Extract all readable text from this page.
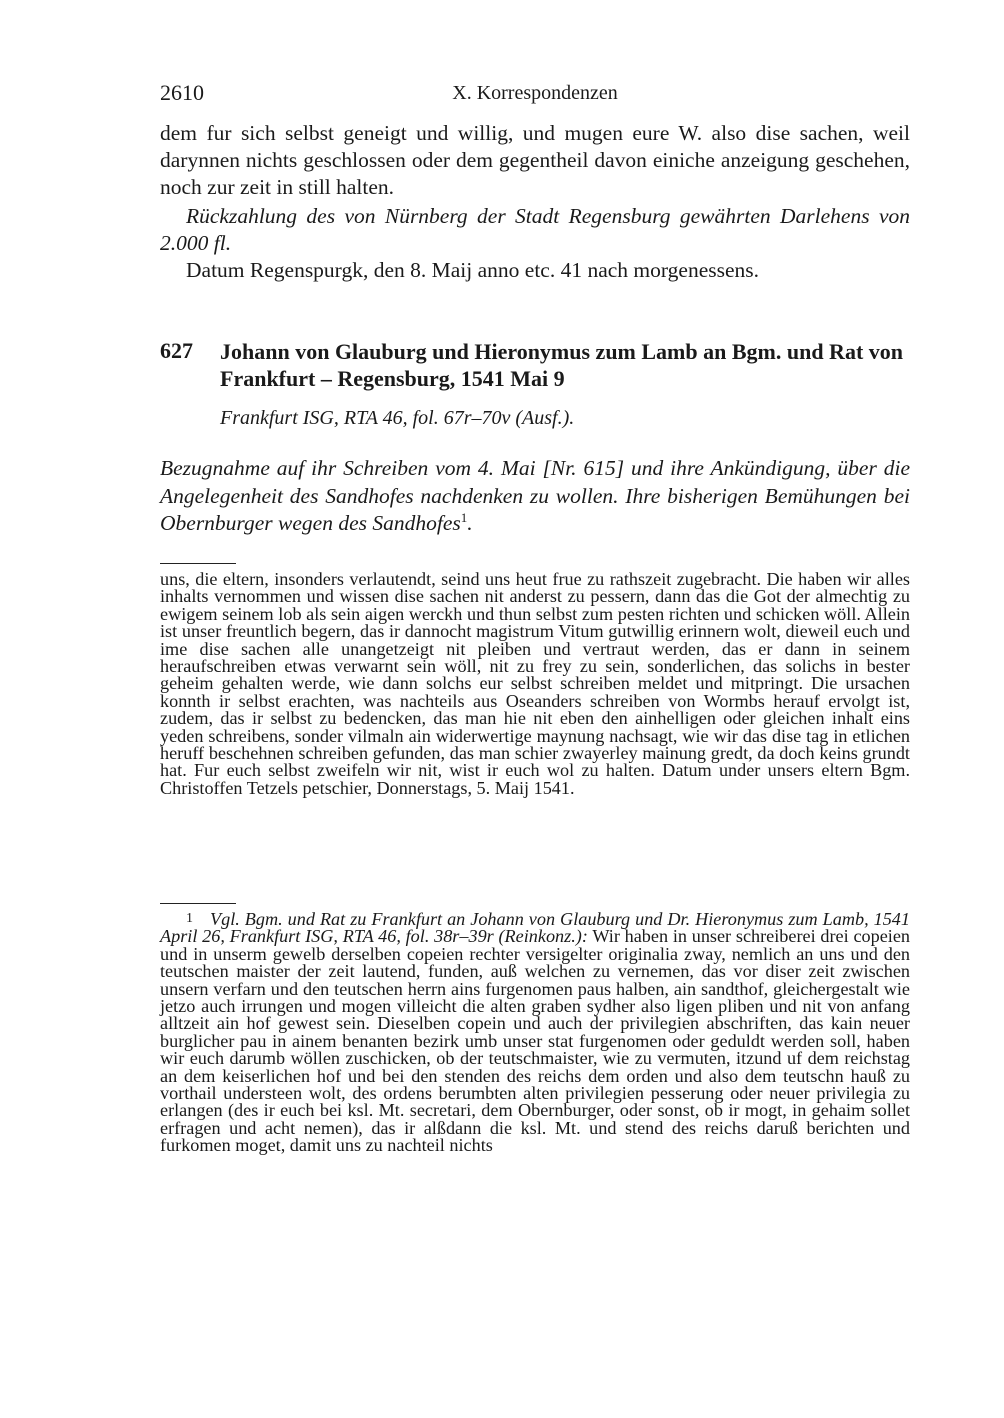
2610	X. Korrespondenzen
dem fur sich selbst geneigt und willig, und mugen eure W. also dise sachen, weil darynnen nichts geschlossen oder dem gegentheil davon einiche anzeigung geschehen, noch zur zeit in still halten.
Rückzahlung des von Nürnberg der Stadt Regensburg gewährten Darlehens von 2.000 fl.
Datum Regenspurgk, den 8. Maij anno etc. 41 nach morgenessens.
627 Johann von Glauburg und Hieronymus zum Lamb an Bgm. und Rat von Frankfurt – Regensburg, 1541 Mai 9
Frankfurt ISG, RTA 46, fol. 67r–70v (Ausf.).
Bezugnahme auf ihr Schreiben vom 4. Mai [Nr. 615] und ihre Ankündigung, über die Angelegenheit des Sandhofes nachdenken zu wollen. Ihre bisherigen Bemühungen bei Obernburger wegen des Sandhofes$^1$.
uns, die eltern, insonders verlautendt, seind uns heut frue zu rathszeit zugebracht. Die haben wir alles inhalts vernommen und wissen dise sachen nit anderst zu pessern, dann das die Got der almechtig zu ewigem seinem lob als sein aigen werckh und thun selbst zum pesten richten und schicken wöll. Allein ist unser freuntlich begern, das ir dannocht magistrum Vitum gutwillig erinnern wolt, dieweil euch und ime dise sachen alle unangetzeigt nit pleiben und vertraut werden, das er dann in seinem heraufschreiben etwas verwarnt sein wöll, nit zu frey zu sein, sonderlichen, das solichs in bester geheim gehalten werde, wie dann solchs eur selbst schreiben meldet und mitpringt. Die ursachen konnth ir selbst erachten, was nachteils aus Oseanders schreiben von Wormbs herauf ervolgt ist, zudem, das ir selbst zu bedencken, das man hie nit eben den ainhelligen oder gleichen inhalt eins yeden schreibens, sonder vilmaln ain widerwertige maynung nachsagt, wie wir das dise tag in etlichen heruff beschehnen schreiben gefunden, das man schier zwayerley mainung gredt, da doch keins grundt hat. Fur euch selbst zweifeln wir nit, wist ir euch wol zu halten. Datum under unsers eltern Bgm. Christoffen Tetzels petschier, Donnerstags, 5. Maij 1541.
1 Vgl. Bgm. und Rat zu Frankfurt an Johann von Glauburg und Dr. Hieronymus zum Lamb, 1541 April 26, Frankfurt ISG, RTA 46, fol. 38r–39r (Reinkonz.): Wir haben in unser schreiberei drei copeien und in unserm gewelb derselben copeien rechter versigelter originalia zway, nemlich an uns und den teutschen maister der zeit lautend, funden, auß welchen zu vernemen, das vor diser zeit zwischen unsern verfarn und den teutschen herrn ains furgenomen paus halben, ain sandthof, gleichergestalt wie jetzo auch irrungen und mogen villeicht die alten graben sydher also ligen pliben und nit von anfang alltzeit ain hof gewest sein. Dieselben copein und auch der privilegien abschriften, das kain neuer burglicher pau in ainem benanten bezirk umb unser stat furgenomen oder geduldt werden soll, haben wir euch darumb wöllen zuschicken, ob der teutschmaister, wie zu vermuten, itzund uf dem reichstag an dem keiserlichen hof und bei den stenden des reichs dem orden und also dem teutschn hauß zu vorthail understeen wolt, des ordens berumbten alten privilegien pesserung oder neuer privilegia zu erlangen (des ir euch bei ksl. Mt. secretari, dem Obernburger, oder sonst, ob ir mogt, in gehaim sollet erfragen und acht nemen), das ir alßdann die ksl. Mt. und stend des reichs daruß berichten und furkomen moget, damit uns zu nachteil nichts
